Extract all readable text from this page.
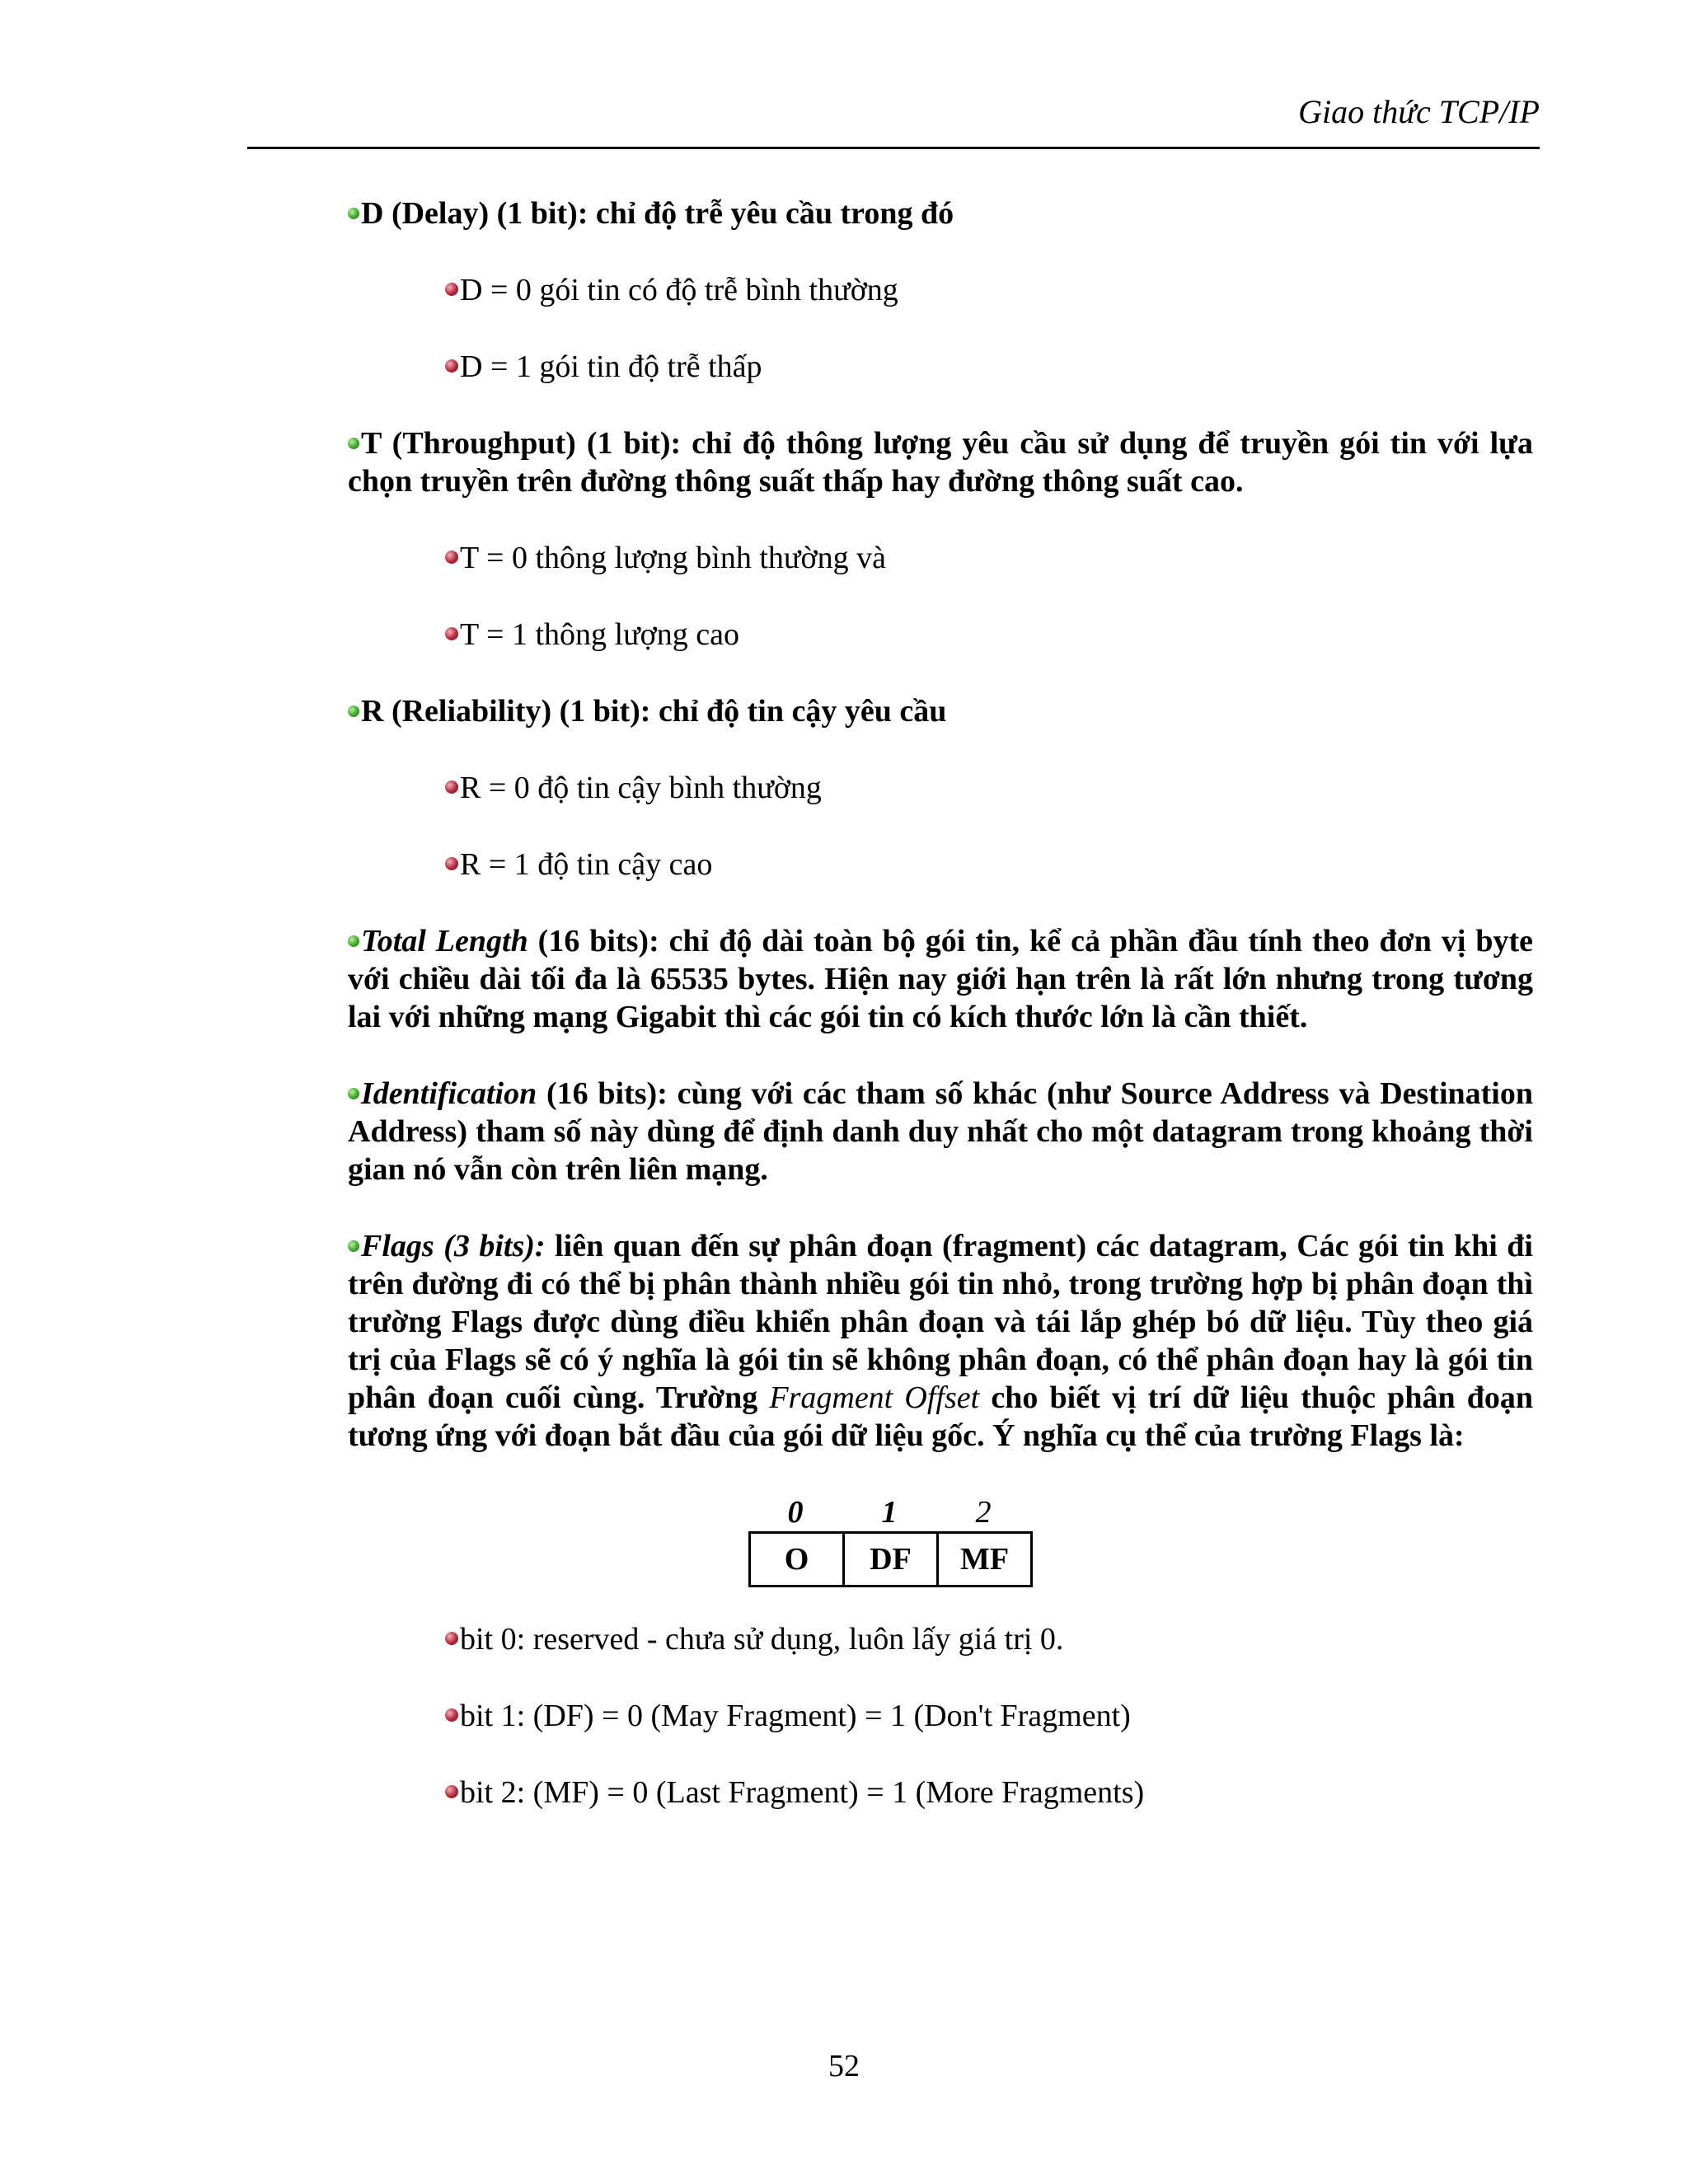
Giao thức TCP/IP
D (Delay) (1 bit): chỉ độ trễ yêu cầu trong đó
D = 0 gói tin có độ trễ bình thường
D = 1 gói tin độ trễ thấp
T (Throughput) (1 bit): chỉ độ thông lượng yêu cầu sử dụng để truyền gói tin với lựa chọn truyền trên đường thông suất thấp hay đường thông suất cao.
T = 0 thông lượng bình thường và
T = 1 thông lượng cao
R (Reliability) (1 bit): chỉ độ tin cậy yêu cầu
R = 0 độ tin cậy bình thường
R = 1 độ tin cậy cao
Total Length (16 bits): chỉ độ dài toàn bộ gói tin, kể cả phần đầu tính theo đơn vị byte với chiều dài tối đa là 65535 bytes. Hiện nay giới hạn trên là rất lớn nhưng trong tương lai với những mạng Gigabit thì các gói tin có kích thước lớn là cần thiết.
Identification (16 bits): cùng với các tham số khác (như Source Address và Destination Address) tham số này dùng để định danh duy nhất cho một datagram trong khoảng thời gian nó vẫn còn trên liên mạng.
Flags (3 bits): liên quan đến sự phân đoạn (fragment) các datagram, Các gói tin khi đi trên đường đi có thể bị phân thành nhiều gói tin nhỏ, trong trường hợp bị phân đoạn thì trường Flags được dùng điều khiển phân đoạn và tái lắp ghép bó dữ liệu. Tùy theo giá trị của Flags sẽ có ý nghĩa là gói tin sẽ không phân đoạn, có thể phân đoạn hay là gói tin phân đoạn cuối cùng. Trường Fragment Offset cho biết vị trí dữ liệu thuộc phân đoạn tương ứng với đoạn bắt đầu của gói dữ liệu gốc. Ý nghĩa cụ thể của trường Flags là:
0	1	2
O	DF	MF
bit 0: reserved - chưa sử dụng, luôn lấy giá trị 0.
bit 1: (DF) = 0 (May Fragment) = 1 (Don't Fragment)
bit 2: (MF) = 0 (Last Fragment) = 1 (More Fragments)
52
